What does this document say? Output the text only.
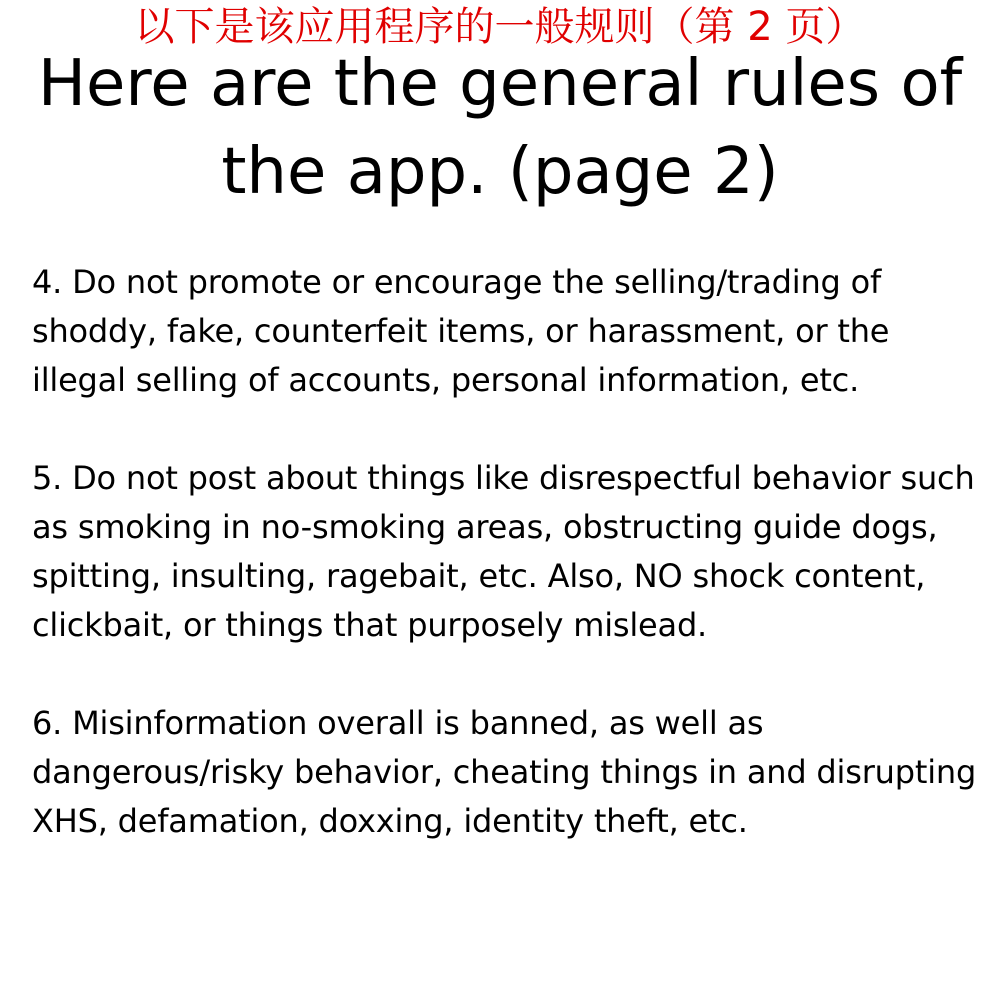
以下是该应用程序的一般规则（第 2 页）
Here are the general rules of the app. (page 2)
4. Do not promote or encourage the selling/trading of shoddy, fake, counterfeit items, or harassment, or the illegal selling of accounts, personal information, etc.
5. Do not post about things like disrespectful behavior such as smoking in no-smoking areas, obstructing guide dogs, spitting, insulting, ragebait, etc. Also, NO shock content, clickbait, or things that purposely mislead.
6. Misinformation overall is banned, as well as dangerous/risky behavior, cheating things in and disrupting XHS, defamation, doxxing, identity theft, etc.
